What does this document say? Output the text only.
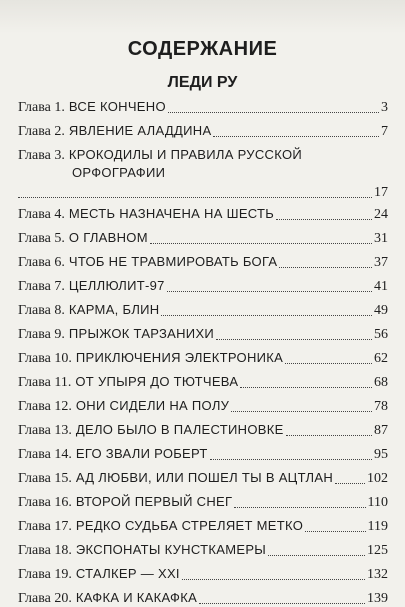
СОДЕРЖАНИЕ
ЛЕДИ РУ
Глава 1. ВСЕ КОНЧЕНО	3
Глава 2. ЯВЛЕНИЕ АЛАДДИНА	7
Глава 3. КРОКОДИЛЫ И ПРАВИЛА РУССКОЙ
ОРФОГРАФИИ
17
Глава 4. МЕСТЬ НАЗНАЧЕНА НА ШЕСТЬ	24
Глава 5. О ГЛАВНОМ	31
Глава 6. ЧТОБ НЕ ТРАВМИРОВАТЬ БОГА	37
Глава 7. ЦЕЛЛЮЛИТ-97	41
Глава 8. КАРМА, БЛИН	49
Глава 9. ПРЫЖОК ТАРЗАНИХИ	56
Глава 10. ПРИКЛЮЧЕНИЯ ЭЛЕКТРОНИКА	62
Глава 11. ОТ УПЫРЯ ДО ТЮТЧЕВА	68
Глава 12. ОНИ СИДЕЛИ НА ПОЛУ	78
Глава 13. ДЕЛО БЫЛО В ПАЛЕСТИНОВКЕ	87
Глава 14. ЕГО ЗВАЛИ РОБЕРТ	95
Глава 15. АД ЛЮБВИ, ИЛИ ПОШЕЛ ТЫ В АЦТЛАН 102
Глава 16. ВТОРОЙ ПЕРВЫЙ СНЕГ	110
Глава 17. РЕДКО СУДЬБА СТРЕЛЯЕТ МЕТКО	119
Глава 18. ЭКСПОНАТЫ КУНСТКАМЕРЫ	125
Глава 19. СТАЛКЕР — XXI	132
Глава 20. КАФКА И КАКАФКА	139
